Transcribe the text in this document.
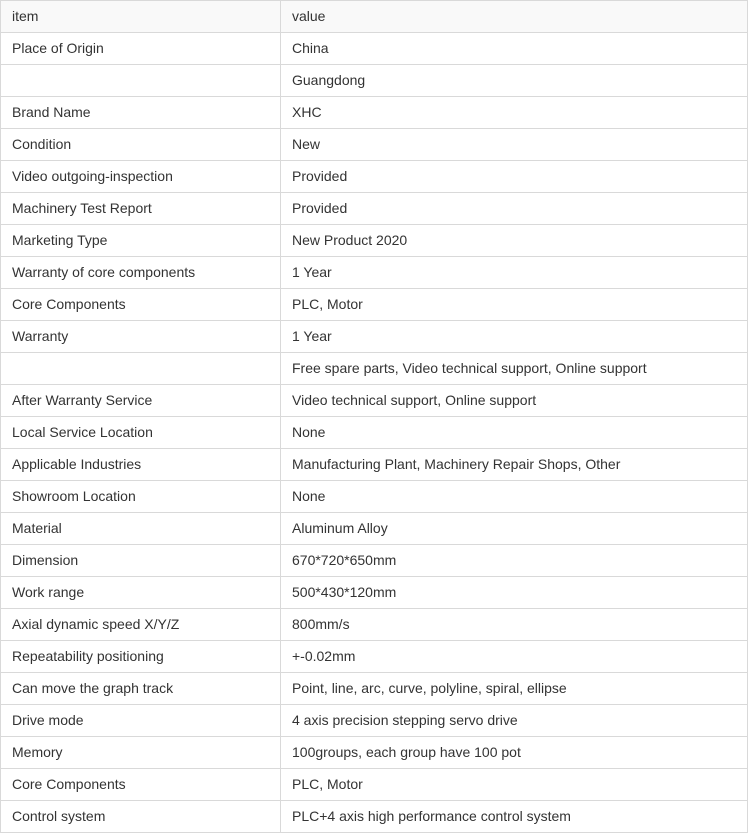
item	value
Place of Origin	China
	Guangdong
Brand Name	XHC
Condition	New
Video outgoing-inspection	Provided
Machinery Test Report	Provided
Marketing Type	New Product 2020
Warranty of core components	1 Year
Core Components	PLC, Motor
Warranty	1 Year
	Free spare parts, Video technical support, Online support
After Warranty Service	Video technical support, Online support
Local Service Location	None
Applicable Industries	Manufacturing Plant, Machinery Repair Shops, Other
Showroom Location	None
Material	Aluminum Alloy
Dimension	670*720*650mm
Work range	500*430*120mm
Axial dynamic speed X/Y/Z	800mm/s
Repeatability positioning	+-0.02mm
Can move the graph track	Point, line, arc, curve, polyline, spiral, ellipse
Drive mode	4 axis precision stepping servo drive
Memory	100groups, each group have 100 pot
Core Components	PLC, Motor
Control system	PLC+4 axis high performance control system
